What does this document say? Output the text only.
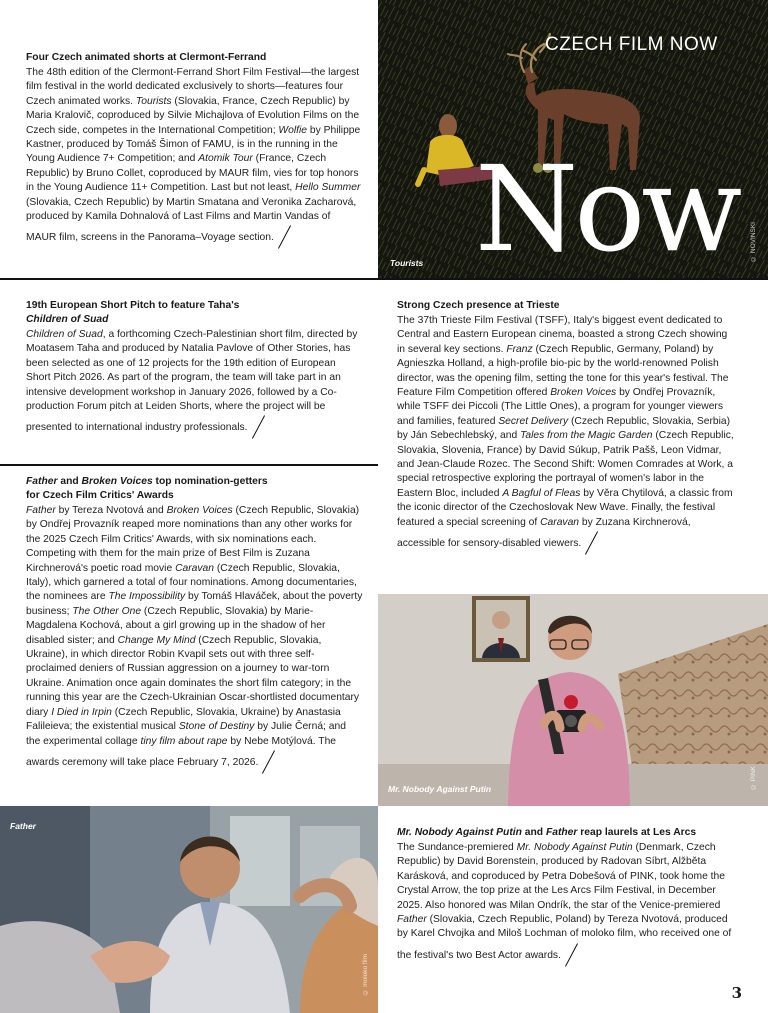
Four Czech animated shorts at Clermont-Ferrand

The 48th edition of the Clermont-Ferrand Short Film Festival—the largest film festival in the world dedicated exclusively to shorts—features four Czech animated works. Tourists (Slovakia, France, Czech Republic) by Maria Kralovič, coproduced by Silvie Michajlova of Evolution Films on the Czech side, competes in the International Competition; Wolfie by Philippe Kastner, produced by Tomáš Šimon of FAMU, is in the running in the Young Audience 7+ Competition; and Atomik Tour (France, Czech Republic) by Bruno Collet, coproduced by MAUR film, vies for top honors in the Young Audience 11+ Competition. Last but not least, Hello Summer (Slovakia, Czech Republic) by Martin Smatana and Veronika Zacharová, produced by Kamila Dohnalová of Last Films and Martin Vandas of MAUR film, screens in the Panorama–Voyage section.

CZECH FILM NOW
Now
Tourists
© NOVINSKI
19th European Short Pitch to feature Taha's
Children of Suad

Children of Suad, a forthcoming Czech-Palestinian short film, directed by Moatasem Taha and produced by Natalia Pavlove of Other Stories, has been selected as one of 12 projects for the 19th edition of European Short Pitch 2026. As part of the program, the team will take part in an intensive development workshop in January 2026, followed by a Co-production Forum pitch at Leiden Shorts, where the project will be presented to international industry professionals.

Father and Broken Voices top nomination-getters
for Czech Film Critics' Awards

Father by Tereza Nvotová and Broken Voices (Czech Republic, Slovakia) by Ondřej Provazník reaped more nominations than any other works for the 2025 Czech Film Critics' Awards, with six nominations each. Competing with them for the main prize of Best Film is Zuzana Kirchnerová's poetic road movie Caravan (Czech Republic, Slovakia, Italy), which garnered a total of four nominations. Among documentaries, the nominees are The Impossibility by Tomáš Hlaváček, about the poverty business; The Other One (Czech Republic, Slovakia) by Marie-Magdalena Kochová, about a girl growing up in the shadow of her disabled sister; and Change My Mind (Czech Republic, Slovakia, Ukraine), in which director Robin Kvapil sets out with three self-proclaimed deniers of Russian aggression on a journey to war-torn Ukraine. Animation once again dominates the short film category; in the running this year are the Czech-Ukrainian Oscar-shortlisted documentary diary I Died in Irpin (Czech Republic, Slovakia, Ukraine) by Anastasia Falileieva; the existential musical Stone of Destiny by Julie Černá; and the experimental collage tiny film about rape by Nebe Motýlová. The awards ceremony will take place February 7, 2026.

Strong Czech presence at Trieste

The 37th Trieste Film Festival (TSFF), Italy's biggest event dedicated to Central and Eastern European cinema, boasted a strong Czech showing in several key sections. Franz (Czech Republic, Germany, Poland) by Agnieszka Holland, a high-profile bio-pic by the world-renowned Polish director, was the opening film, setting the tone for this year's festival. The Feature Film Competition offered Broken Voices by Ondřej Provazník, while TSFF dei Piccoli (The Little Ones), a program for younger viewers and families, featured Secret Delivery (Czech Republic, Slovakia, Serbia) by Ján Sebechlebský, and Tales from the Magic Garden (Czech Republic, Slovakia, Slovenia, France) by David Súkup, Patrik Pašš, Leon Vidmar, and Jean-Claude Rozec. The Second Shift: Women Comrades at Work, a special retrospective exploring the portrayal of women's labor in the Eastern Bloc, included A Bagful of Fleas by Věra Chytilová, a classic from the iconic director of the Czechoslovak New Wave. Finally, the festival featured a special screening of Caravan by Zuzana Kirchnerová, accessible for sensory-disabled viewers.

Mr. Nobody Against Putin	© PINK
Father
© moloko film
Mr. Nobody Against Putin and Father reap laurels at Les Arcs

The Sundance-premiered Mr. Nobody Against Putin (Denmark, Czech Republic) by David Borenstein, produced by Radovan Síbrt, Alžběta Karásková, and coproduced by Petra Dobešová of PINK, took home the Crystal Arrow, the top prize at the Les Arcs Film Festival, in December 2025. Also honored was Milan Ondrík, the star of the Venice-premiered Father (Slovakia, Czech Republic, Poland) by Tereza Nvotová, produced by Karel Chvojka and Miloš Lochman of moloko film, who received one of the festival's two Best Actor awards.

3
